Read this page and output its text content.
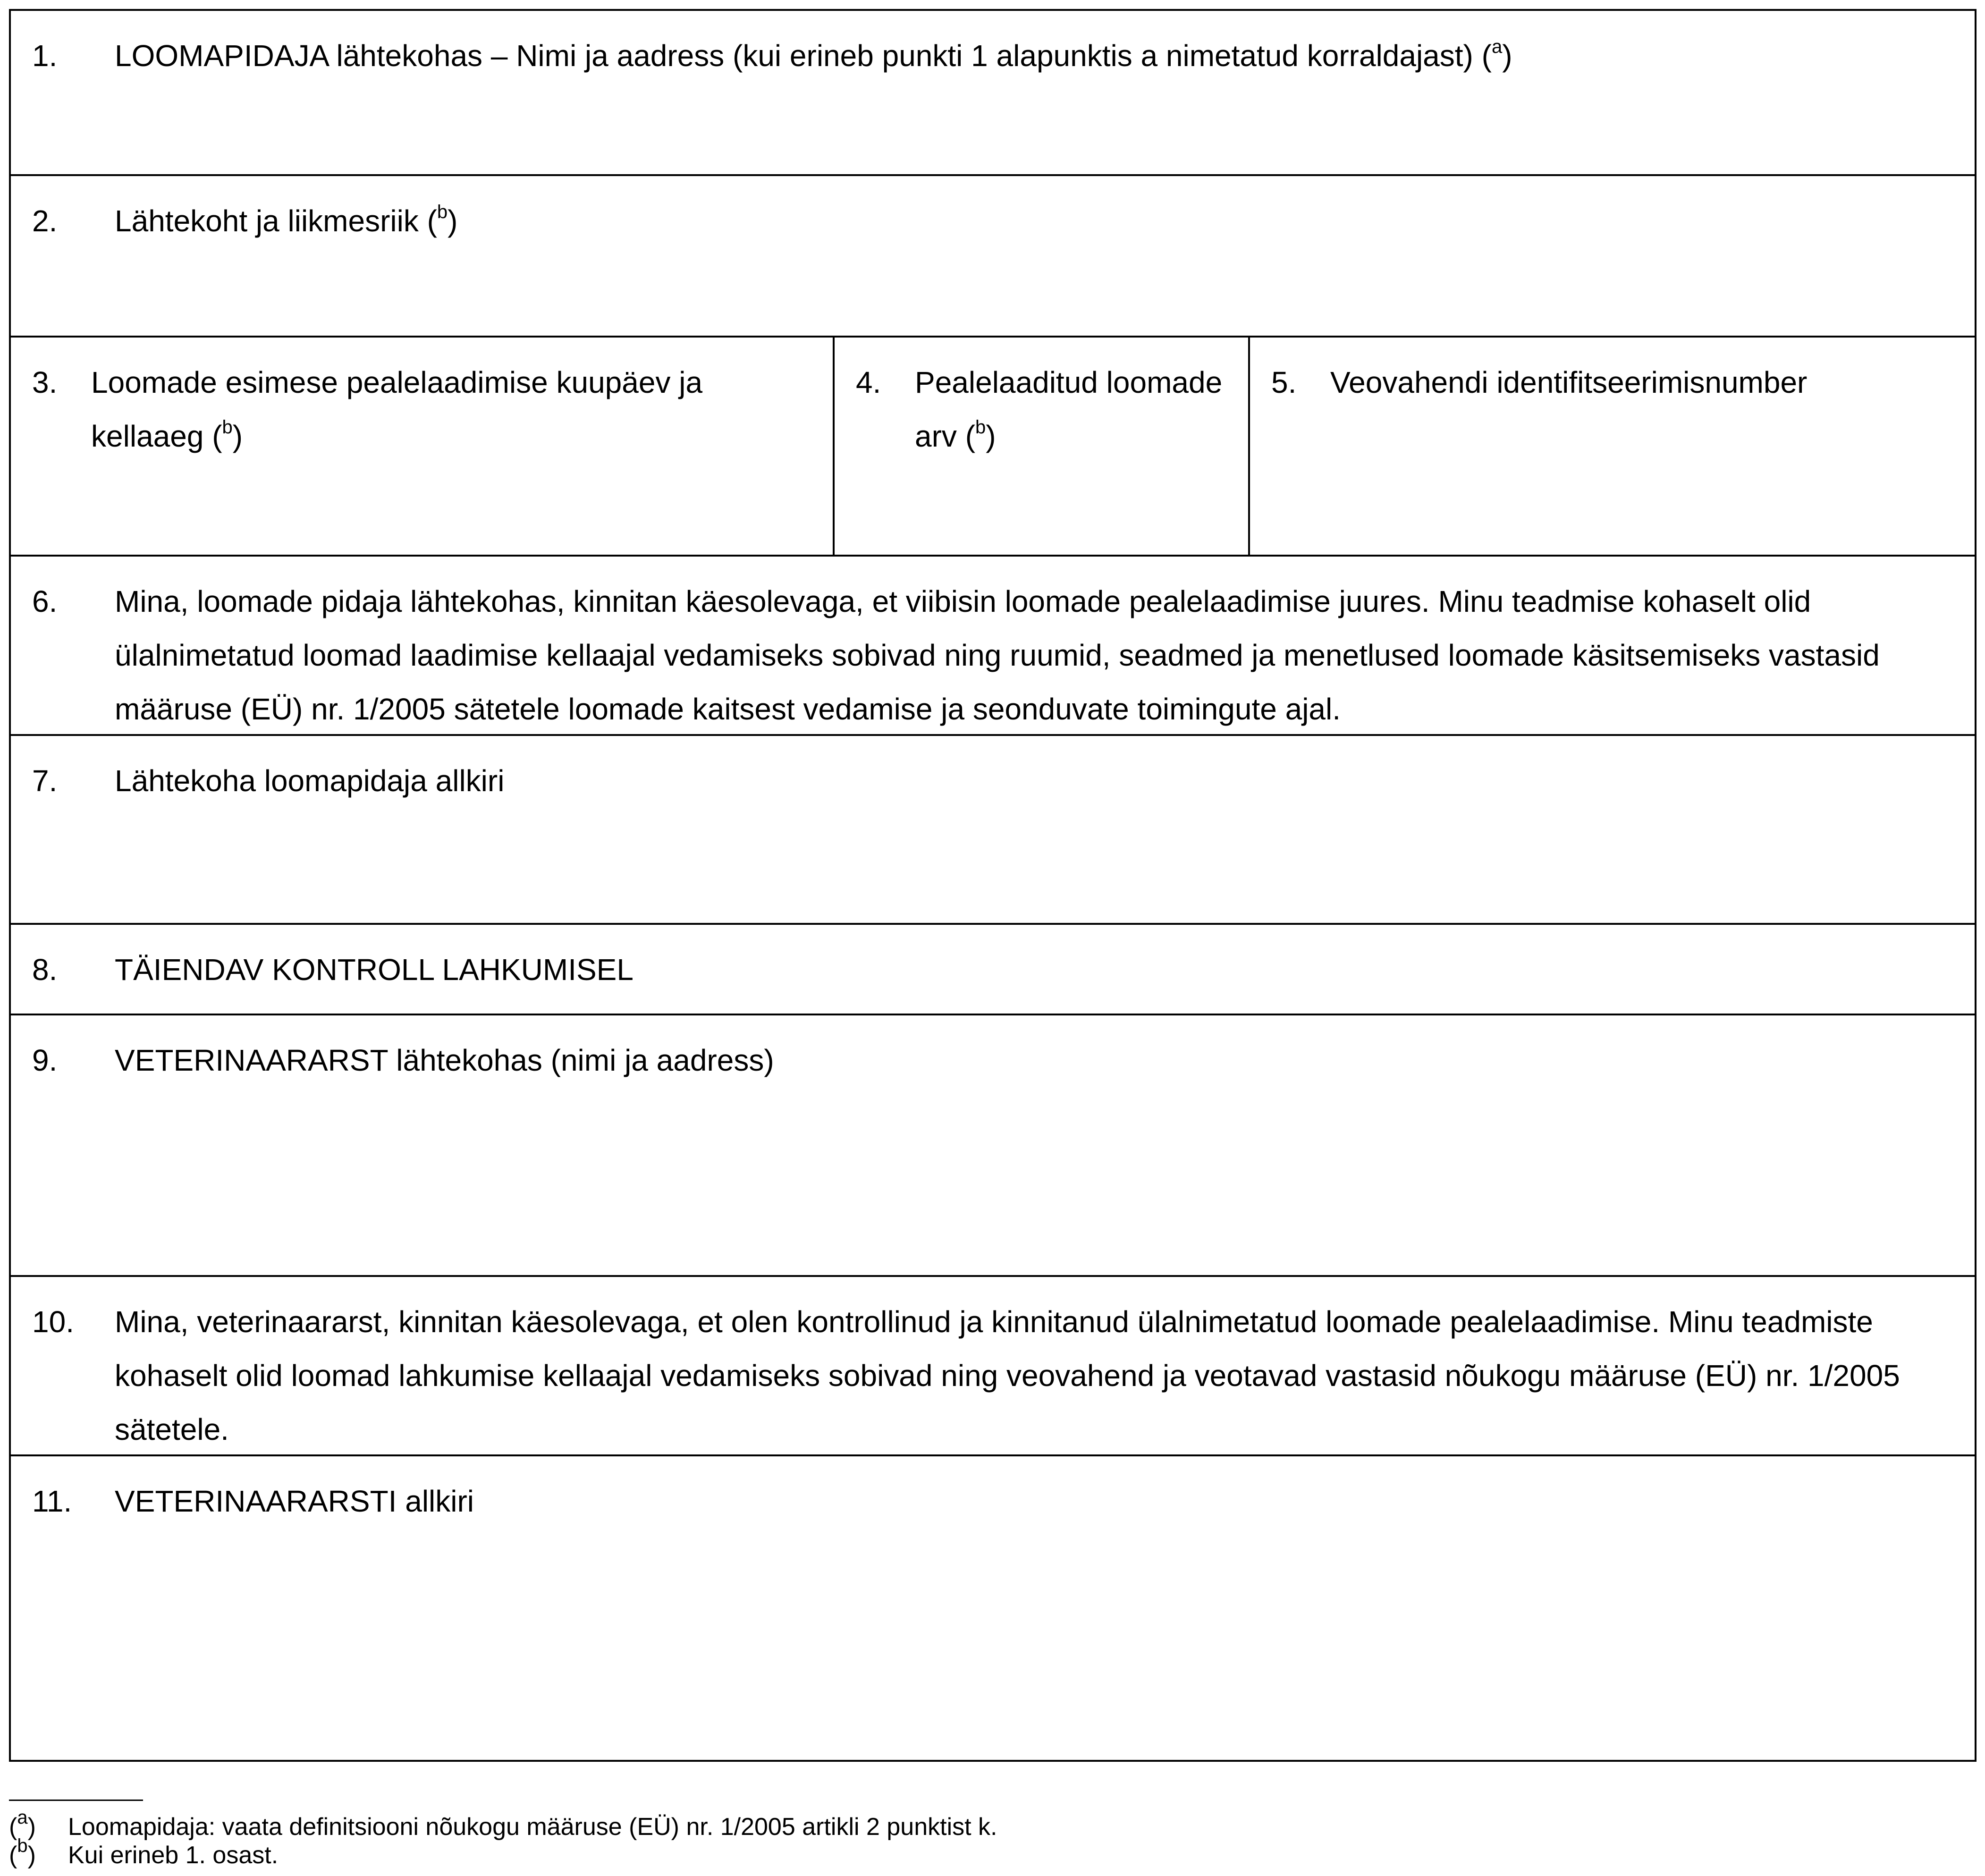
1. LOOMAPIDAJA lähtekohas – Nimi ja aadress (kui erineb punkti 1 alapunktis a nimetatud korraldajast) ($^a$)
2. Lähtekoht ja liikmesriik ($^b$)
3. Loomade esimese pealelaadimise kuupäev ja kellaaeg ($^b$)
4. Pealelaaditud loomade arv ($^b$)
5. Veovahendi identifitseerimisnumber
6. Mina, loomade pidaja lähtekohas, kinnitan käesolevaga, et viibisin loomade pealelaadimise juures. Minu teadmise kohaselt olid ülalnimetatud loomad laadimise kellaajal vedamiseks sobivad ning ruumid, seadmed ja menetlused loomade käsitsemiseks vastasid määruse (EÜ) nr. 1/2005 sätetele loomade kaitsest vedamise ja seonduvate toimingute ajal.
7. Lähtekoha loomapidaja allkiri
8. TÄIENDAV KONTROLL LAHKUMISEL
9. VETERINAARARST lähtekohas (nimi ja aadress)
10. Mina, veterinaararst, kinnitan käesolevaga, et olen kontrollinud ja kinnitanud ülalnimetatud loomade pealelaadimise. Minu teadmiste kohaselt olid loomad lahkumise kellaajal vedamiseks sobivad ning veovahend ja veotavad vastasid nõukogu määruse (EÜ) nr. 1/2005 sätetele.
11. VETERINAARARSTI allkiri
($^a$) Loomapidaja: vaata definitsiooni nõukogu määruse (EÜ) nr. 1/2005 artikli 2 punktist k.
($^b$) Kui erineb 1. osast.
